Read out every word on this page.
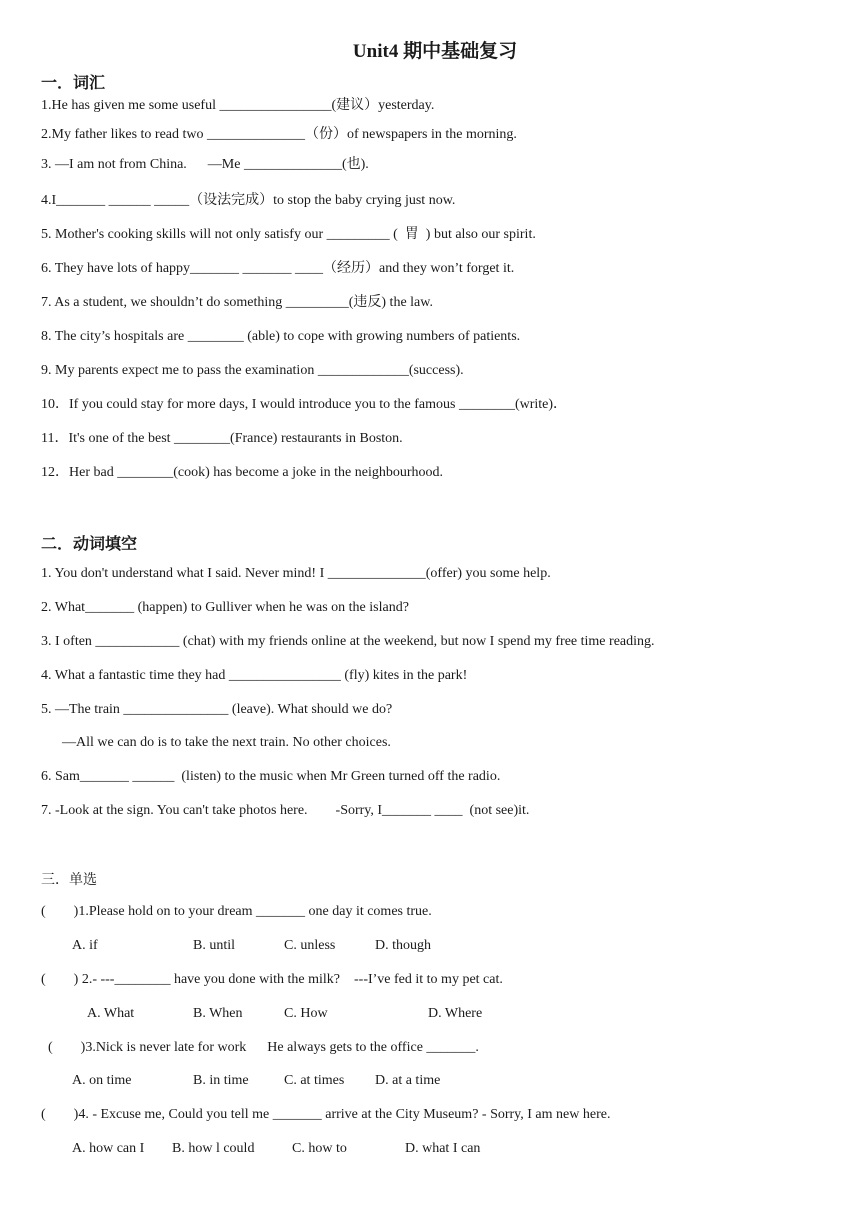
Unit4 期中基础复习
一．词汇
1.He has given me some useful ________________(建议）yesterday.
2.My father likes to read two ______________（份）of newspapers in the morning.
3. —I am not from China.      —Me ______________(也).
4.I_______ ______ _____（设法完成）to stop the baby crying just now.
5. Mother's cooking skills will not only satisfy our _________ (  胃  ) but also our spirit.
6. They have lots of happy_______ _______ ____（经历）and they won’t forget it.
7. As a student, we shouldn’t do something _________(违反) the law.
8. The city’s hospitals are ________ (able) to cope with growing numbers of patients.
9. My parents expect me to pass the examination _____________(success).
10．If you could stay for more days, I would introduce you to the famous ________(write)．
11．It's one of the best ________(France) restaurants in Boston.
12．Her bad ________(cook) has become a joke in the neighbourhood.
二．动词填空
1. You don't understand what I said. Never mind! I ______________(offer) you some help.
2. What_______ (happen) to Gulliver when he was on the island?
3. I often ____________ (chat) with my friends online at the weekend, but now I spend my free time reading.
4. What a fantastic time they had ________________ (fly) kites in the park!
5. —The train _______________ (leave). What should we do?
—All we can do is to take the next train. No other choices.
6. Sam_______ ______  (listen) to the music when Mr Green turned off the radio.
7. -Look at the sign. You can't take photos here.        -Sorry, I_______ ____  (not see)it.
三．单选
(        )1.Please hold on to your dream _______ one day it comes true.
A. if	B. until	C. unless	D. though
(        ) 2.- ---________ have you done with the milk?    ---I’ve fed it to my pet cat.
A. What	B. When	C. How	D. Where
(        )3.Nick is never late for work      He always gets to the office _______.
A. on time	B. in time	C. at times D. at a time
(        )4. - Excuse me, Could you tell me _______ arrive at the City Museum? - Sorry, I am new here.
A. how can I B. how l could	C. how to	D. what I can
